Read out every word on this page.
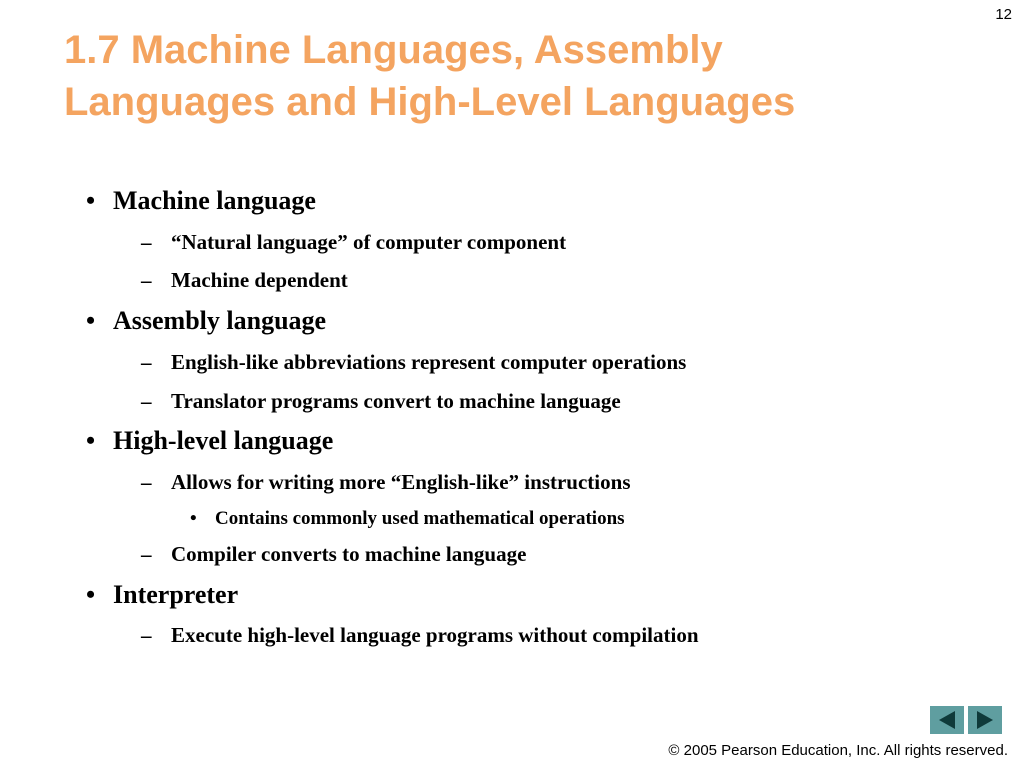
12
1.7 Machine Languages, Assembly
Languages and High-Level Languages
• Machine language
– “Natural language” of computer component
– Machine dependent
• Assembly language
– English-like abbreviations represent computer operations
– Translator programs convert to machine language
• High-level language
– Allows for writing more “English-like” instructions
• Contains commonly used mathematical operations
– Compiler converts to machine language
• Interpreter
– Execute high-level language programs without compilation
© 2005 Pearson Education, Inc. All rights reserved.
